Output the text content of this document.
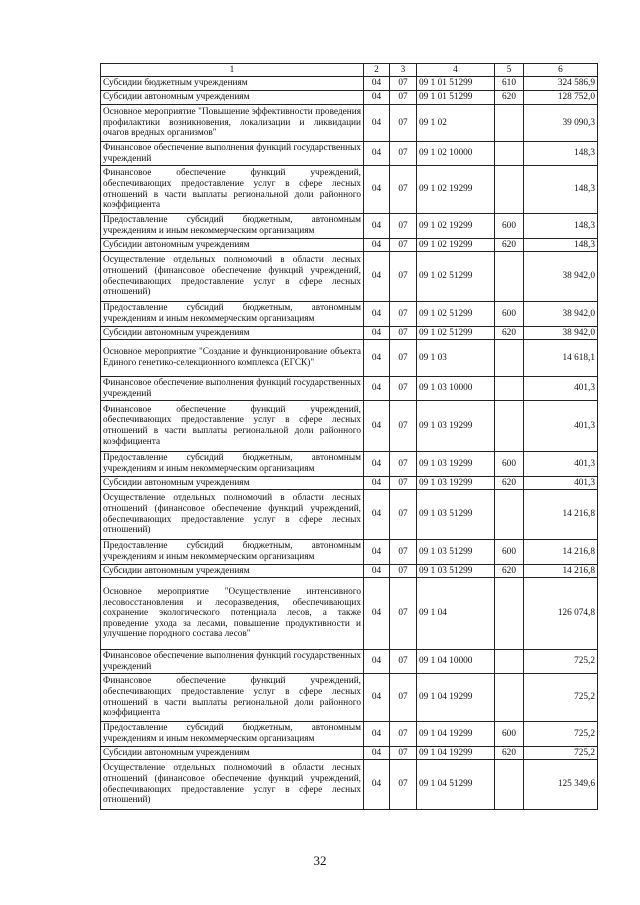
1	2	3	4	5	6
Субсидии бюджетным учреждениям	04	07	09 1 01 51299	610	324 586,9
Субсидии автономным учреждениям	04	07	09 1 01 51299	620	128 752,0
Основное мероприятие "Повышение эффективности проведения профилактики возникновения, локализации и ликвидации очагов вредных организмов"	04	07	09 1 02		39 090,3
Финансовое обеспечение выполнения функций государственных учреждений	04	07	09 1 02 10000		148,3
Финансовое обеспечение функций учреждений, обеспечивающих предоставление услуг в сфере лесных отношений в части выплаты региональной доли районного коэффициента	04	07	09 1 02 19299		148,3
Предоставление субсидий бюджетным, автономным учреждениям и иным некоммерческим организациям	04	07	09 1 02 19299	600	148,3
Субсидии автономным учреждениям	04	07	09 1 02 19299	620	148,3
Осуществление отдельных полномочий в области лесных отношений (финансовое обеспечение функций учреждений, обеспечивающих предоставление услуг в сфере лесных отношений)	04	07	09 1 02 51299		38 942,0
Предоставление субсидий бюджетным, автономным учреждениям и иным некоммерческим организациям	04	07	09 1 02 51299	600	38 942,0
Субсидии автономным учреждениям	04	07	09 1 02 51299	620	38 942,0
Основное мероприятие "Создание и функционирование объекта Единого генетико-селекционного комплекса (ЕГСК)"	04	07	09 1 03		14 618,1
Финансовое обеспечение выполнения функций государственных учреждений	04	07	09 1 03 10000		401,3
Финансовое обеспечение функций учреждений, обеспечивающих предоставление услуг в сфере лесных отношений в части выплаты региональной доли районного коэффициента	04	07	09 1 03 19299		401,3
Предоставление субсидий бюджетным, автономным учреждениям и иным некоммерческим организациям	04	07	09 1 03 19299	600	401,3
Субсидии автономным учреждениям	04	07	09 1 03 19299	620	401,3
Осуществление отдельных полномочий в области лесных отношений (финансовое обеспечение функций учреждений, обеспечивающих предоставление услуг в сфере лесных отношений)	04	07	09 1 03 51299		14 216,8
Предоставление субсидий бюджетным, автономным учреждениям и иным некоммерческим организациям	04	07	09 1 03 51299	600	14 216,8
Субсидии автономным учреждениям	04	07	09 1 03 51299	620	14 216,8
Основное мероприятие "Осуществление интенсивного лесовосстановления и лесоразведения, обеспечивающих сохранение экологического потенциала лесов, а также проведение ухода за лесами, повышение продуктивности и улучшение породного состава лесов"	04	07	09 1 04		126 074,8
Финансовое обеспечение выполнения функций государственных учреждений	04	07	09 1 04 10000		725,2
Финансовое обеспечение функций учреждений, обеспечивающих предоставление услуг в сфере лесных отношений в части выплаты региональной доли районного коэффициента	04	07	09 1 04 19299		725,2
Предоставление субсидий бюджетным, автономным учреждениям и иным некоммерческим организациям	04	07	09 1 04 19299	600	725,2
Субсидии автономным учреждениям	04	07	09 1 04 19299	620	725,2
Осуществление отдельных полномочий в области лесных отношений (финансовое обеспечение функций учреждений, обеспечивающих предоставление услуг в сфере лесных отношений)	04	07	09 1 04 51299		125 349,6
32
